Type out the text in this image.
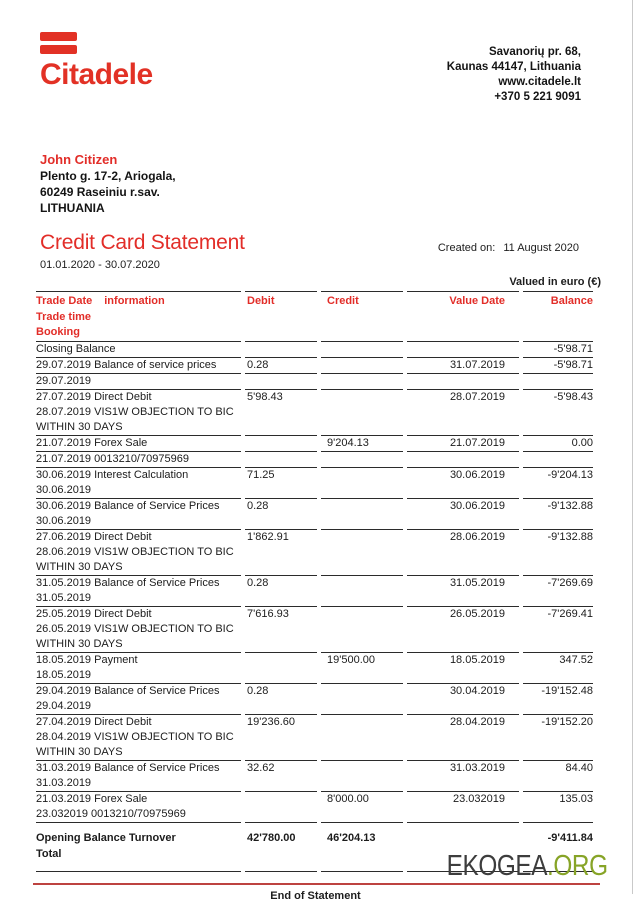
Citadele
Savanorių pr. 68,
Kaunas 44147, Lithuania
www.citadele.lt
+370 5 221 9091
John Citizen
Plento g. 17-2, Ariogala,
60249 Raseiniu r.sav.
LITHUANIA
Credit Card Statement
01.01.2020 - 30.07.2020
Created on: 11 August 2020
Valued in euro (€)
Trade Date information	Debit	Credit	Value Date	Balance
Trade time				
Booking				
Closing Balance				-5'98.71
29.07.2019 Balance of service prices	0.28		31.07.2019	-5'98.71
29.07.2019				
27.07.2019 Direct Debit	5'98.43		28.07.2019	-5'98.43
28.07.2019 VIS1W OBJECTION TO BIC				
WITHIN 30 DAYS				
21.07.2019 Forex Sale		9'204.13	21.07.2019	0.00
21.07.2019 0013210/70975969				
30.06.2019 Interest Calculation	71.25		30.06.2019	-9'204.13
30.06.2019				
30.06.2019 Balance of Service Prices	0.28		30.06.2019	-9'132.88
30.06.2019				
27.06.2019 Direct Debit	1'862.91		28.06.2019	-9'132.88
28.06.2019 VIS1W OBJECTION TO BIC				
WITHIN 30 DAYS				
31.05.2019 Balance of Service Prices	0.28		31.05.2019	-7'269.69
31.05.2019				
25.05.2019 Direct Debit	7'616.93		26.05.2019	-7'269.41
26.05.2019 VIS1W OBJECTION TO BIC				
WITHIN 30 DAYS				
18.05.2019 Payment		19'500.00	18.05.2019	347.52
18.05.2019				
29.04.2019 Balance of Service Prices	0.28		30.04.2019	-19'152.48
29.04.2019				
27.04.2019 Direct Debit	19'236.60		28.04.2019	-19'152.20
28.04.2019 VIS1W OBJECTION TO BIC				
WITHIN 30 DAYS				
31.03.2019 Balance of Service Prices	32.62		31.03.2019	84.40
31.03.2019				
21.03.2019 Forex Sale		8'000.00	23.032019	135.03
23.032019 0013210/70975969				

Opening Balance Turnover
Total	42'780.00	46'204.13		-9'411.84
End of Statement
EKOGEA.ORG
